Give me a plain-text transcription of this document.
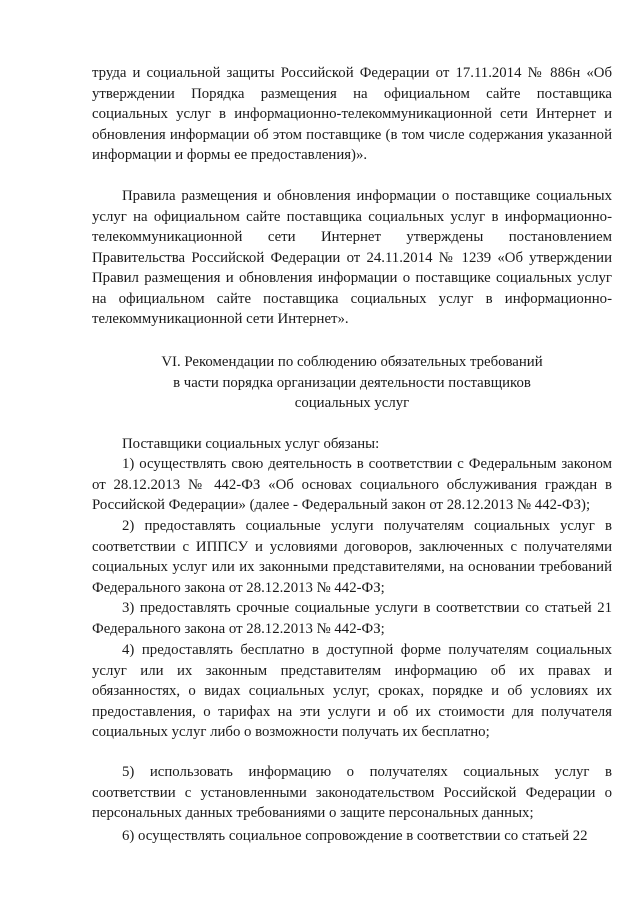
труда и социальной защиты Российской Федерации от 17.11.2014 № 886н «Об утверждении Порядка размещения на официальном сайте поставщика социальных услуг в информационно-телекоммуникационной сети Интернет и обновления информации об этом поставщике (в том числе содержания указанной информации и формы ее предоставления)».

Правила размещения и обновления информации о поставщике социальных услуг на официальном сайте поставщика социальных услуг в информационно-телекоммуникационной сети Интернет утверждены постановлением Правительства Российской Федерации от 24.11.2014 № 1239 «Об утверждении Правил размещения и обновления информации о поставщике социальных услуг на официальном сайте поставщика социальных услуг в информационно-телекоммуникационной сети Интернет».

VI. Рекомендации по соблюдению обязательных требований
в части порядка организации деятельности поставщиков
социальных услуг

Поставщики социальных услуг обязаны:

1) осуществлять свою деятельность в соответствии с Федеральным законом от 28.12.2013 № 442-ФЗ «Об основах социального обслуживания граждан в Российской Федерации» (далее - Федеральный закон от 28.12.2013 № 442-ФЗ);

2) предоставлять социальные услуги получателям социальных услуг в соответствии с ИППСУ и условиями договоров, заключенных с получателями социальных услуг или их законными представителями, на основании требований Федерального закона от 28.12.2013 № 442-ФЗ;

3) предоставлять срочные социальные услуги в соответствии со статьей 21 Федерального закона от 28.12.2013 № 442-ФЗ;

4) предоставлять бесплатно в доступной форме получателям социальных услуг или их законным представителям информацию об их правах и обязанностях, о видах социальных услуг, сроках, порядке и об условиях их предоставления, о тарифах на эти услуги и об их стоимости для получателя социальных услуг либо о возможности получать их бесплатно;

5) использовать информацию о получателях социальных услуг в соответствии с установленными законодательством Российской Федерации о персональных данных требованиями о защите персональных данных;

6) осуществлять социальное сопровождение в соответствии со статьей 22
